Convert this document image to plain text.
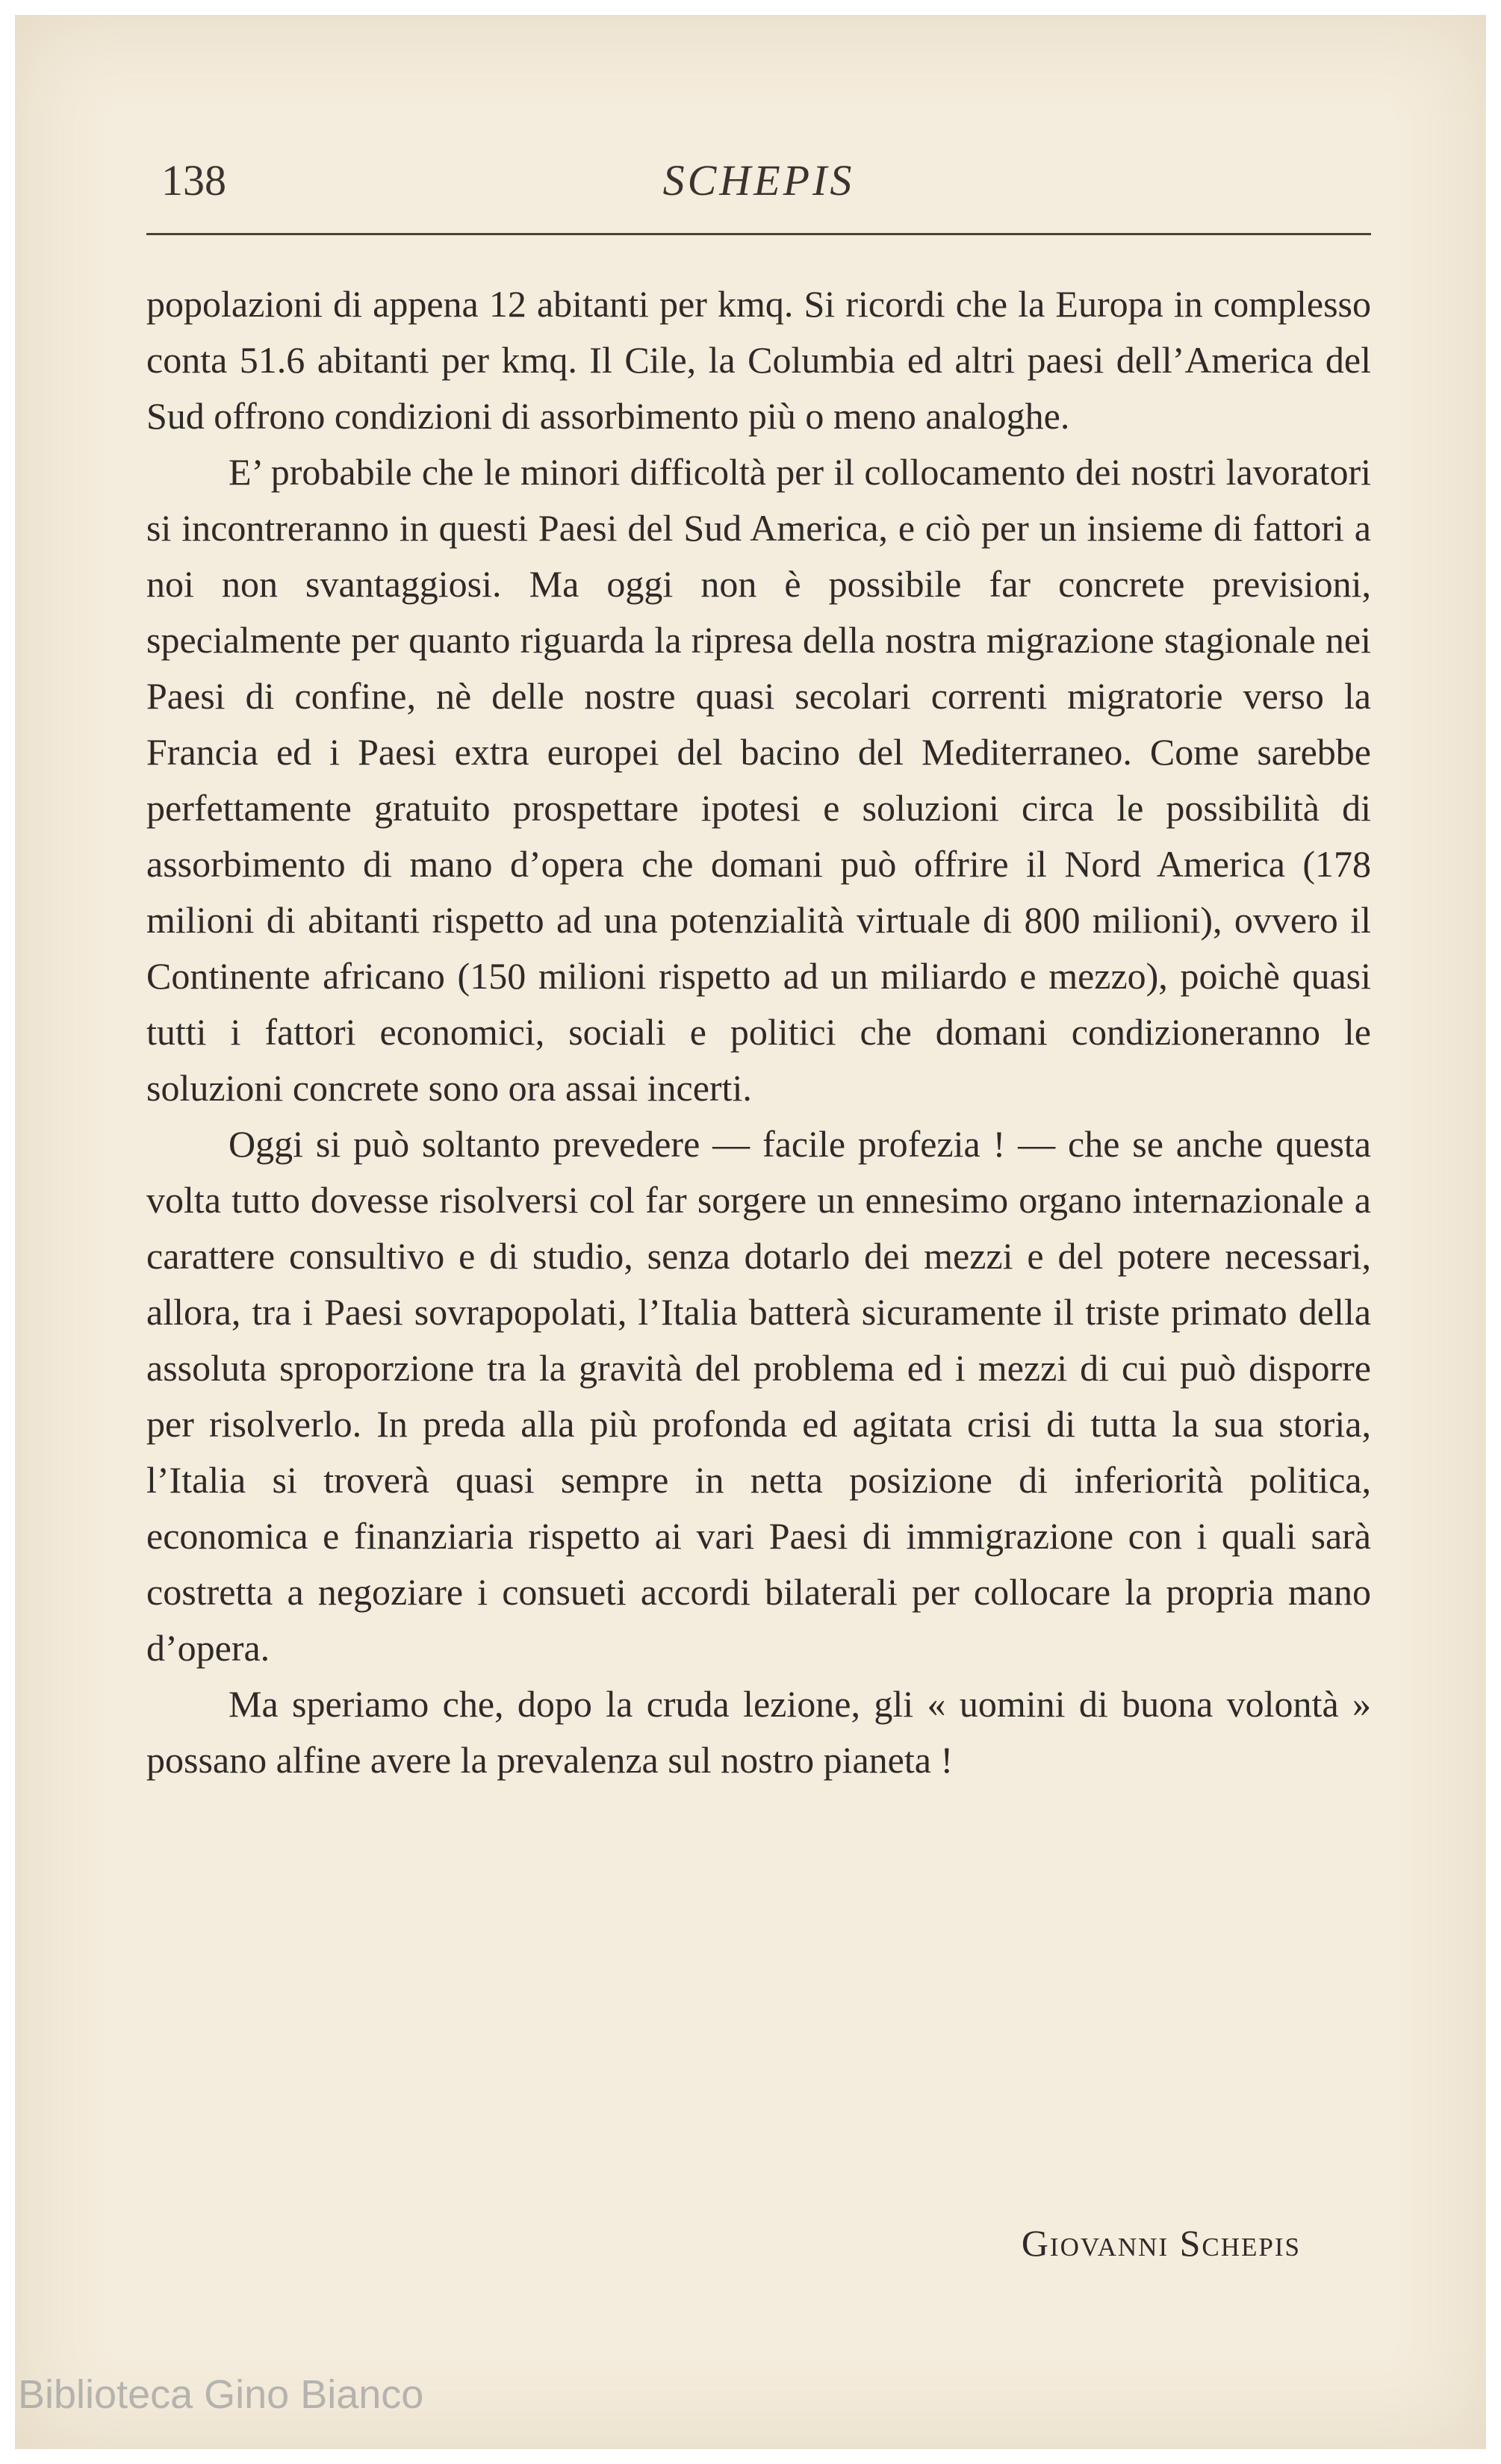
138	SCHEPIS

popolazioni di appena 12 abitanti per kmq. Si ricordi che la Europa in complesso conta 51.6 abitanti per kmq. Il Cile, la Columbia ed altri paesi dell’America del Sud offrono condizioni di assorbimento più o meno analoghe.

E’ probabile che le minori difficoltà per il collocamento dei nostri lavoratori si incontreranno in questi Paesi del Sud America, e ciò per un insieme di fattori a noi non svantaggiosi. Ma oggi non è possibile far concrete previsioni, specialmente per quanto riguarda la ripresa della nostra migrazione stagionale nei Paesi di confine, nè delle nostre quasi secolari correnti migratorie verso la Francia ed i Paesi extra europei del bacino del Mediterraneo. Come sarebbe perfettamente gratuito prospettare ipotesi e soluzioni circa le possibilità di assorbimento di mano d’opera che domani può offrire il Nord America (178 milioni di abitanti rispetto ad una potenzialità virtuale di 800 milioni), ovvero il Continente africano (150 milioni rispetto ad un miliardo e mezzo), poichè quasi tutti i fattori economici, sociali e politici che domani condizioneranno le soluzioni concrete sono ora assai incerti.

Oggi si può soltanto prevedere — facile profezia ! — che se anche questa volta tutto dovesse risolversi col far sorgere un ennesimo organo internazionale a carattere consultivo e di studio, senza dotarlo dei mezzi e del potere necessari, allora, tra i Paesi sovrapopolati, l’Italia batterà sicuramente il triste primato della assoluta sproporzione tra la gravità del problema ed i mezzi di cui può disporre per risolverlo. In preda alla più profonda ed agitata crisi di tutta la sua storia, l’Italia si troverà quasi sempre in netta posizione di inferiorità politica, economica e finanziaria rispetto ai vari Paesi di immigrazione con i quali sarà costretta a negoziare i consueti accordi bilaterali per collocare la propria mano d’opera.

Ma speriamo che, dopo la cruda lezione, gli « uomini di buona volontà » possano alfine avere la prevalenza sul nostro pianeta !

Giovanni Schepis
Biblioteca Gino Bianco
